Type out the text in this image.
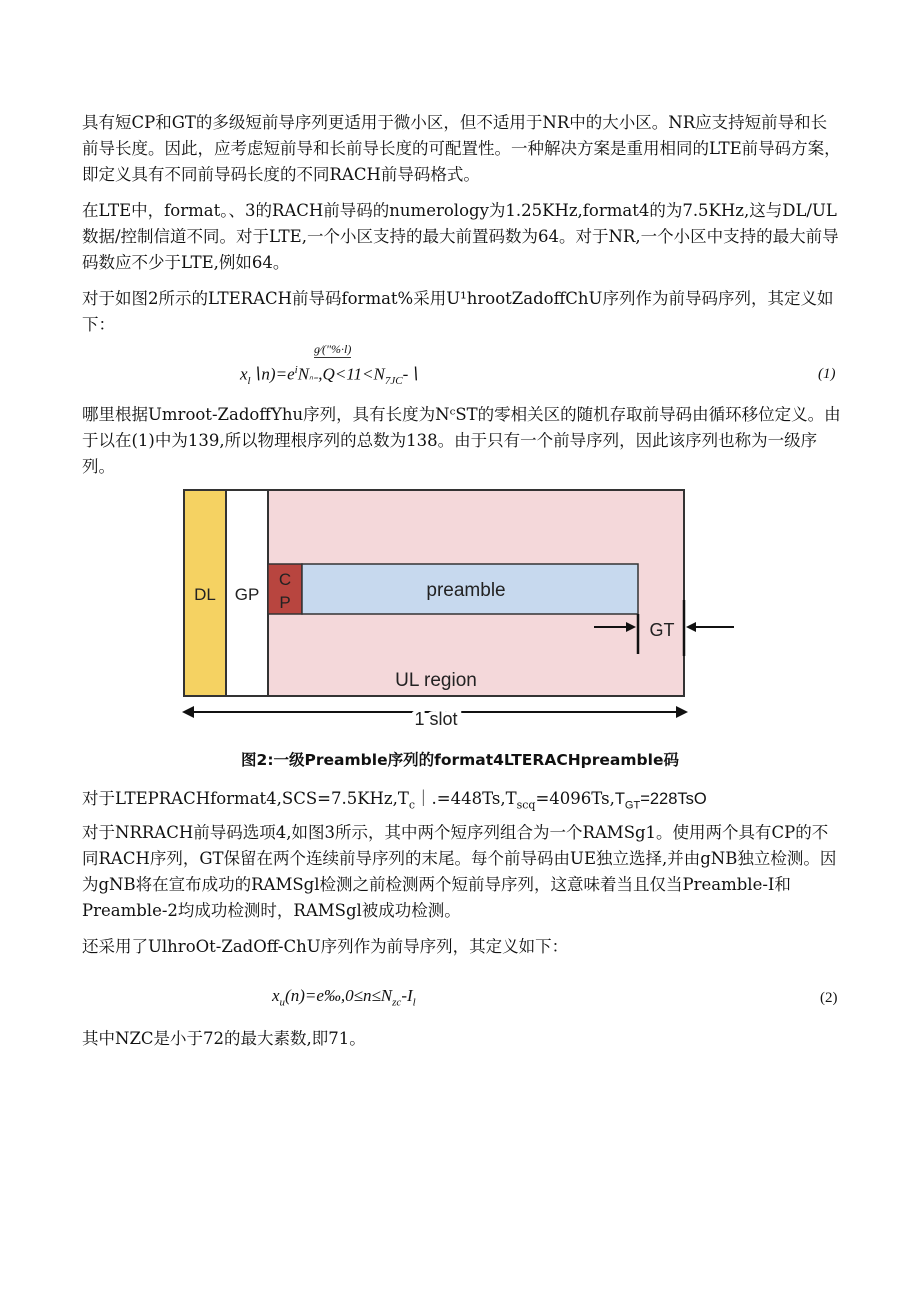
具有短CP和GT的多级短前导序列更适用于微小区，但不适用于NR中的大小区。NR应支持短前导和长前导长度。因此，应考虑短前导和长前导长度的可配置性。一种解决方案是重用相同的LTE前导码方案，即定义具有不同前导码长度的不同RACH前导码格式。

在LTE中，format。、3的RACH前导码的numerology为1.25KHz,format4的为7.5KHz,这与DL/UL数据/控制信道不同。对于LTE,一个小区支持的最大前置码数为64。对于NR,一个小区中支持的最大前导码数应不少于LTE,例如64。

对于如图2所示的LTERACH前导码format%采用U¹hrootZadoffChU序列作为前导码序列，其定义如下：

g⁄("%·l)
$x_l∖n)=e^iN_{n=},Q<11<N_{7JC}-∖$	(1)

哪里根据Umroot-ZadoffYhu序列，具有长度为NᶜST的零相关区的随机存取前导码由循环移位定义。由于以在(1)中为139,所以物理根序列的总数为138。由于只有一个前导序列，因此该序列也称为一级序列。

DL GP
C
P
preamble
GT
UL region
1 slot
图2:一级Preamble序列的format4LTERACHpreamble码

对于$LTEPRACHformat4,SCS=7.5KHz,T_c|.=448Ts,T_{scq}=4096Ts,T_{GT}=228TsO$

对于NRRACH前导码选项4,如图3所示，其中两个短序列组合为一个RAMSg1。使用两个具有CP的不同RACH序列，GT保留在两个连续前导序列的末尾。每个前导码由UE独立选择,并由gNB独立检测。因为gNB将在宣布成功的RAMSgl检测之前检测两个短前导序列，这意味着当且仅当Preamble-I和Preamble-2均成功检测时，RAMSgl被成功检测。

还采用了UlhroOt-ZadOff-ChU序列作为前导序列，其定义如下：

$x_u(n)=e‰,0\le n\le N_{zc}-I_l$	(2)

其中NZC是小于72的最大素数,即71。
